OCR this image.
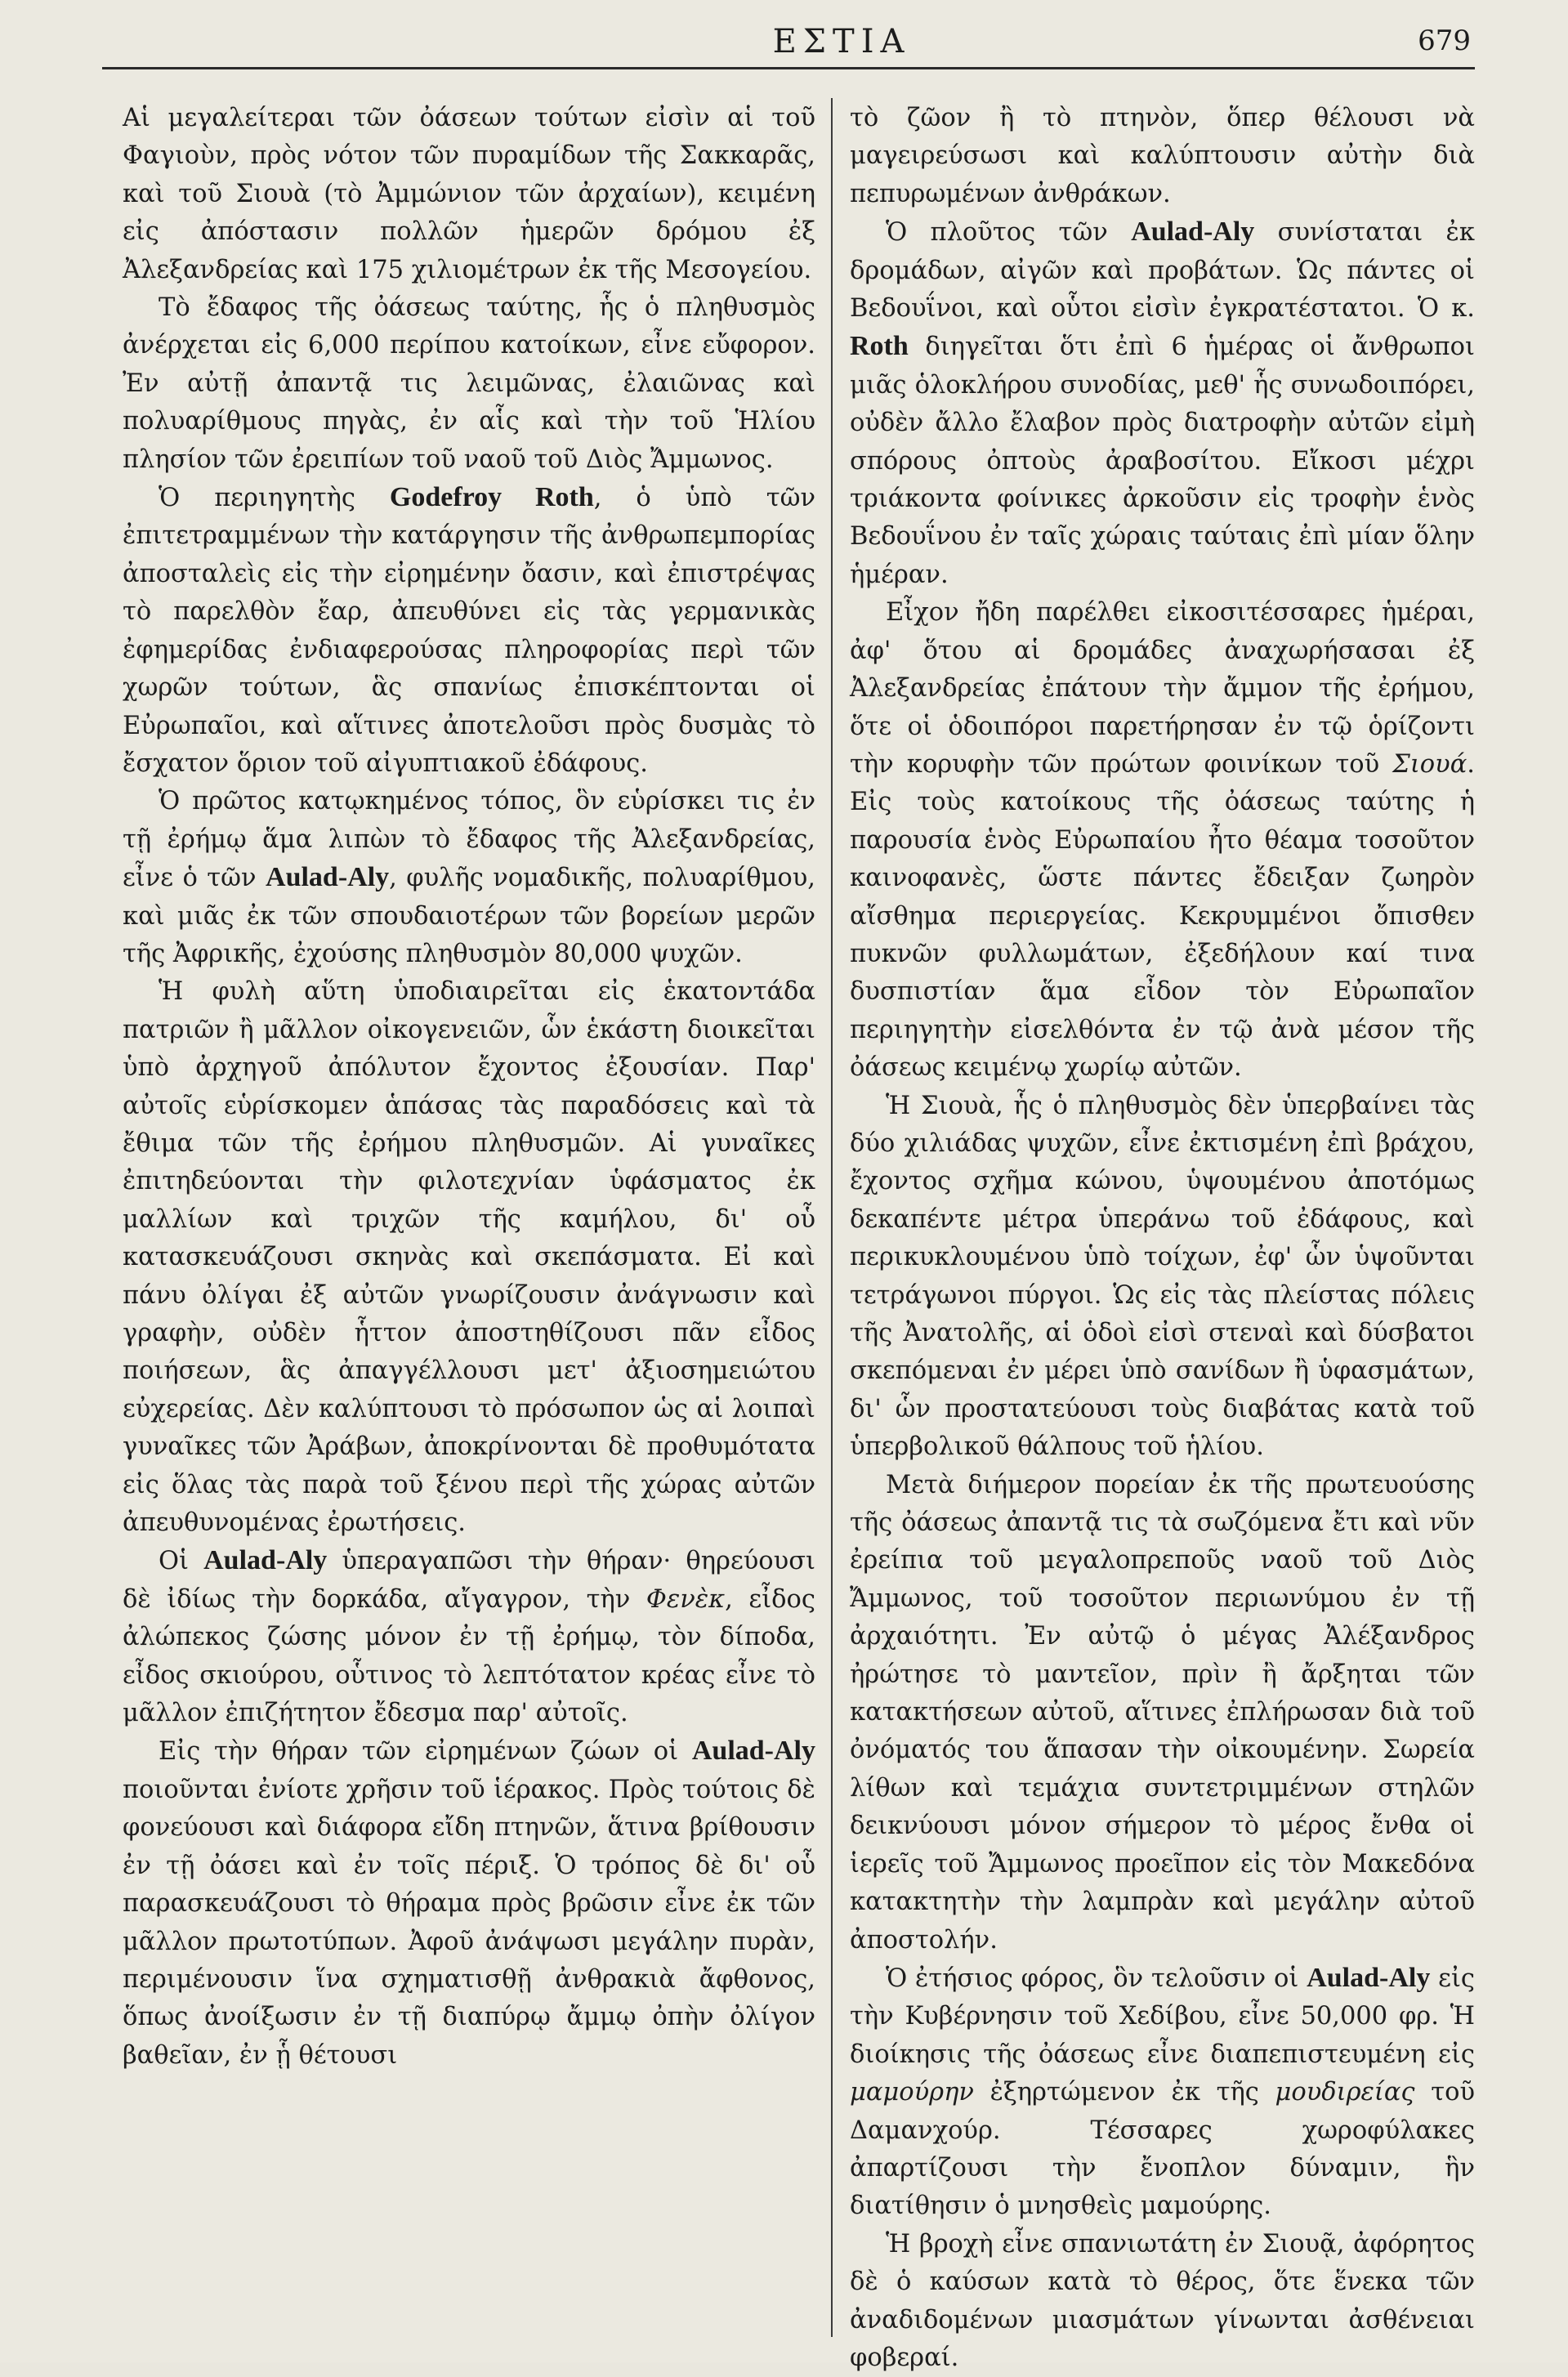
ΕΣΤΙΑ	679

Αἱ μεγαλείτεραι τῶν ὀάσεων τούτων εἰσὶν αἱ τοῦ Φαγιοὺν, πρὸς νότον τῶν πυραμίδων τῆς Σακκαρᾶς, καὶ τοῦ Σιουὰ (τὸ Ἀμμώνιον τῶν ἀρχαίων), κειμένη εἰς ἀπόστασιν πολλῶν ἡμερῶν δρόμου ἐξ Ἀλεξανδρείας καὶ 175 χιλιομέτρων ἐκ τῆς Μεσογείου.

Τὸ ἔδαφος τῆς ὀάσεως ταύτης, ἧς ὁ πληθυσμὸς ἀνέρχεται εἰς 6,000 περίπου κατοίκων, εἶνε εὔφορον. Ἐν αὐτῇ ἀπαντᾷ τις λειμῶνας, ἐλαιῶνας καὶ πολυαρίθμους πηγὰς, ἐν αἷς καὶ τὴν τοῦ Ἡλίου πλησίον τῶν ἐρειπίων τοῦ ναοῦ τοῦ Διὸς Ἄμμωνος.

Ὁ περιηγητὴς Godefroy Roth, ὁ ὑπὸ τῶν ἐπιτετραμμένων τὴν κατάργησιν τῆς ἀνθρωπεμπορίας ἀποσταλεὶς εἰς τὴν εἰρημένην ὄασιν, καὶ ἐπιστρέψας τὸ παρελθὸν ἔαρ, ἀπευθύνει εἰς τὰς γερμανικὰς ἐφημερίδας ἐνδιαφερούσας πληροφορίας περὶ τῶν χωρῶν τούτων, ἃς σπανίως ἐπισκέπτονται οἱ Εὐρωπαῖοι, καὶ αἵτινες ἀποτελοῦσι πρὸς δυσμὰς τὸ ἔσχατον ὅριον τοῦ αἰγυπτιακοῦ ἐδάφους.

Ὁ πρῶτος κατῳκημένος τόπος, ὃν εὑρίσκει τις ἐν τῇ ἐρήμῳ ἅμα λιπὼν τὸ ἔδαφος τῆς Ἀλεξανδρείας, εἶνε ὁ τῶν Aulad-Aly, φυλῆς νομαδικῆς, πολυαρίθμου, καὶ μιᾶς ἐκ τῶν σπουδαιοτέρων τῶν βορείων μερῶν τῆς Ἀφρικῆς, ἐχούσης πληθυσμὸν 80,000 ψυχῶν.

Ἡ φυλὴ αὕτη ὑποδιαιρεῖται εἰς ἑκατοντάδα πατριῶν ἢ μᾶλλον οἰκογενειῶν, ὧν ἑκάστη διοικεῖται ὑπὸ ἀρχηγοῦ ἀπόλυτον ἔχοντος ἐξουσίαν. Παρ' αὐτοῖς εὑρίσκομεν ἁπάσας τὰς παραδόσεις καὶ τὰ ἔθιμα τῶν τῆς ἐρήμου πληθυσμῶν. Αἱ γυναῖκες ἐπιτηδεύονται τὴν φιλοτεχνίαν ὑφάσματος ἐκ μαλλίων καὶ τριχῶν τῆς καμήλου, δι' οὗ κατασκευάζουσι σκηνὰς καὶ σκεπάσματα. Εἰ καὶ πάνυ ὀλίγαι ἐξ αὐτῶν γνωρίζουσιν ἀνάγνωσιν καὶ γραφὴν, οὐδὲν ἧττον ἀποστηθίζουσι πᾶν εἶδος ποιήσεων, ἃς ἀπαγγέλλουσι μετ' ἀξιοσημειώτου εὐχερείας. Δὲν καλύπτουσι τὸ πρόσωπον ὡς αἱ λοιπαὶ γυναῖκες τῶν Ἀράβων, ἀποκρίνονται δὲ προθυμότατα εἰς ὅλας τὰς παρὰ τοῦ ξένου περὶ τῆς χώρας αὐτῶν ἀπευθυνομένας ἐρωτήσεις.

Οἱ Aulad-Aly ὑπεραγαπῶσι τὴν θήραν· θηρεύουσι δὲ ἰδίως τὴν δορκάδα, αἴγαγρον, τὴν Φενὲκ, εἶδος ἀλώπεκος ζώσης μόνον ἐν τῇ ἐρήμῳ, τὸν δίποδα, εἶδος σκιούρου, οὗτινος τὸ λεπτότατον κρέας εἶνε τὸ μᾶλλον ἐπιζήτητον ἔδεσμα παρ' αὐτοῖς.

Εἰς τὴν θήραν τῶν εἰρημένων ζώων οἱ Aulad-Aly ποιοῦνται ἐνίοτε χρῆσιν τοῦ ἱέρακος. Πρὸς τούτοις δὲ φονεύουσι καὶ διάφορα εἴδη πτηνῶν, ἅτινα βρίθουσιν ἐν τῇ ὀάσει καὶ ἐν τοῖς πέριξ. Ὁ τρόπος δὲ δι' οὗ παρασκευάζουσι τὸ θήραμα πρὸς βρῶσιν εἶνε ἐκ τῶν μᾶλλον πρωτοτύπων. Ἀφοῦ ἀνάψωσι μεγάλην πυρὰν, περιμένουσιν ἵνα σχηματισθῇ ἀνθρακιὰ ἄφθονος, ὅπως ἀνοίξωσιν ἐν τῇ διαπύρῳ ἄμμῳ ὀπὴν ὀλίγον βαθεῖαν, ἐν ᾗ θέτουσι

τὸ ζῶον ἢ τὸ πτηνὸν, ὅπερ θέλουσι νὰ μαγειρεύσωσι καὶ καλύπτουσιν αὐτὴν διὰ πεπυρωμένων ἀνθράκων.

Ὁ πλοῦτος τῶν Aulad-Aly συνίσταται ἐκ δρομάδων, αἰγῶν καὶ προβάτων. Ὡς πάντες οἱ Βεδουΐνοι, καὶ οὗτοι εἰσὶν ἐγκρατέστατοι. Ὁ κ. Roth διηγεῖται ὅτι ἐπὶ 6 ἡμέρας οἱ ἄνθρωποι μιᾶς ὁλοκλήρου συνοδίας, μεθ' ἧς συνωδοιπόρει, οὐδὲν ἄλλο ἔλαβον πρὸς διατροφὴν αὐτῶν εἰμὴ σπόρους ὀπτοὺς ἀραβοσίτου. Εἴκοσι μέχρι τριάκοντα φοίνικες ἀρκοῦσιν εἰς τροφὴν ἑνὸς Βεδουΐνου ἐν ταῖς χώραις ταύταις ἐπὶ μίαν ὅλην ἡμέραν.

Εἶχον ἤδη παρέλθει εἰκοσιτέσσαρες ἡμέραι, ἀφ' ὅτου αἱ δρομάδες ἀναχωρήσασαι ἐξ Ἀλεξανδρείας ἐπάτουν τὴν ἄμμον τῆς ἐρήμου, ὅτε οἱ ὁδοιπόροι παρετήρησαν ἐν τῷ ὁρίζοντι τὴν κορυφὴν τῶν πρώτων φοινίκων τοῦ Σιουά. Εἰς τοὺς κατοίκους τῆς ὀάσεως ταύτης ἡ παρουσία ἑνὸς Εὐρωπαίου ἦτο θέαμα τοσοῦτον καινοφανὲς, ὥστε πάντες ἔδειξαν ζωηρὸν αἴσθημα περιεργείας. Κεκρυμμένοι ὄπισθεν πυκνῶν φυλλωμάτων, ἐξεδήλουν καί τινα δυσπιστίαν ἅμα εἶδον τὸν Εὐρωπαῖον περιηγητὴν εἰσελθόντα ἐν τῷ ἀνὰ μέσον τῆς ὀάσεως κειμένῳ χωρίῳ αὐτῶν.

Ἡ Σιουὰ, ἧς ὁ πληθυσμὸς δὲν ὑπερβαίνει τὰς δύο χιλιάδας ψυχῶν, εἶνε ἐκτισμένη ἐπὶ βράχου, ἔχοντος σχῆμα κώνου, ὑψουμένου ἀποτόμως δεκαπέντε μέτρα ὑπεράνω τοῦ ἐδάφους, καὶ περικυκλουμένου ὑπὸ τοίχων, ἐφ' ὧν ὑψοῦνται τετράγωνοι πύργοι. Ὡς εἰς τὰς πλείστας πόλεις τῆς Ἀνατολῆς, αἱ ὁδοὶ εἰσὶ στεναὶ καὶ δύσβατοι σκεπόμεναι ἐν μέρει ὑπὸ σανίδων ἢ ὑφασμάτων, δι' ὧν προστατεύουσι τοὺς διαβάτας κατὰ τοῦ ὑπερβολικοῦ θάλπους τοῦ ἡλίου.

Μετὰ διήμερον πορείαν ἐκ τῆς πρωτευούσης τῆς ὀάσεως ἀπαντᾷ τις τὰ σωζόμενα ἔτι καὶ νῦν ἐρείπια τοῦ μεγαλοπρεποῦς ναοῦ τοῦ Διὸς Ἄμμωνος, τοῦ τοσοῦτον περιωνύμου ἐν τῇ ἀρχαιότητι. Ἐν αὐτῷ ὁ μέγας Ἀλέξανδρος ἠρώτησε τὸ μαντεῖον, πρὶν ἢ ἄρξηται τῶν κατακτήσεων αὐτοῦ, αἵτινες ἐπλήρωσαν διὰ τοῦ ὀνόματός του ἅπασαν τὴν οἰκουμένην. Σωρεία λίθων καὶ τεμάχια συντετριμμένων στηλῶν δεικνύουσι μόνον σήμερον τὸ μέρος ἔνθα οἱ ἱερεῖς τοῦ Ἄμμωνος προεῖπον εἰς τὸν Μακεδόνα κατακτητὴν τὴν λαμπρὰν καὶ μεγάλην αὐτοῦ ἀποστολήν.

Ὁ ἐτήσιος φόρος, ὃν τελοῦσιν οἱ Aulad-Aly εἰς τὴν Κυβέρνησιν τοῦ Χεδίβου, εἶνε 50,000 φρ. Ἡ διοίκησις τῆς ὀάσεως εἶνε διαπεπιστευμένη εἰς μαμούρην ἐξηρτώμενον ἐκ τῆς μουδιρείας τοῦ Δαμανχούρ. Τέσσαρες χωροφύλακες ἀπαρτίζουσι τὴν ἔνοπλον δύναμιν, ἣν διατίθησιν ὁ μνησθεὶς μαμούρης.

Ἡ βροχὴ εἶνε σπανιωτάτη ἐν Σιουᾷ, ἀφόρητος δὲ ὁ καύσων κατὰ τὸ θέρος, ὅτε ἕνεκα τῶν ἀναδιδομένων μιασμάτων γίνωνται ἀσθένειαι φοβεραί.
